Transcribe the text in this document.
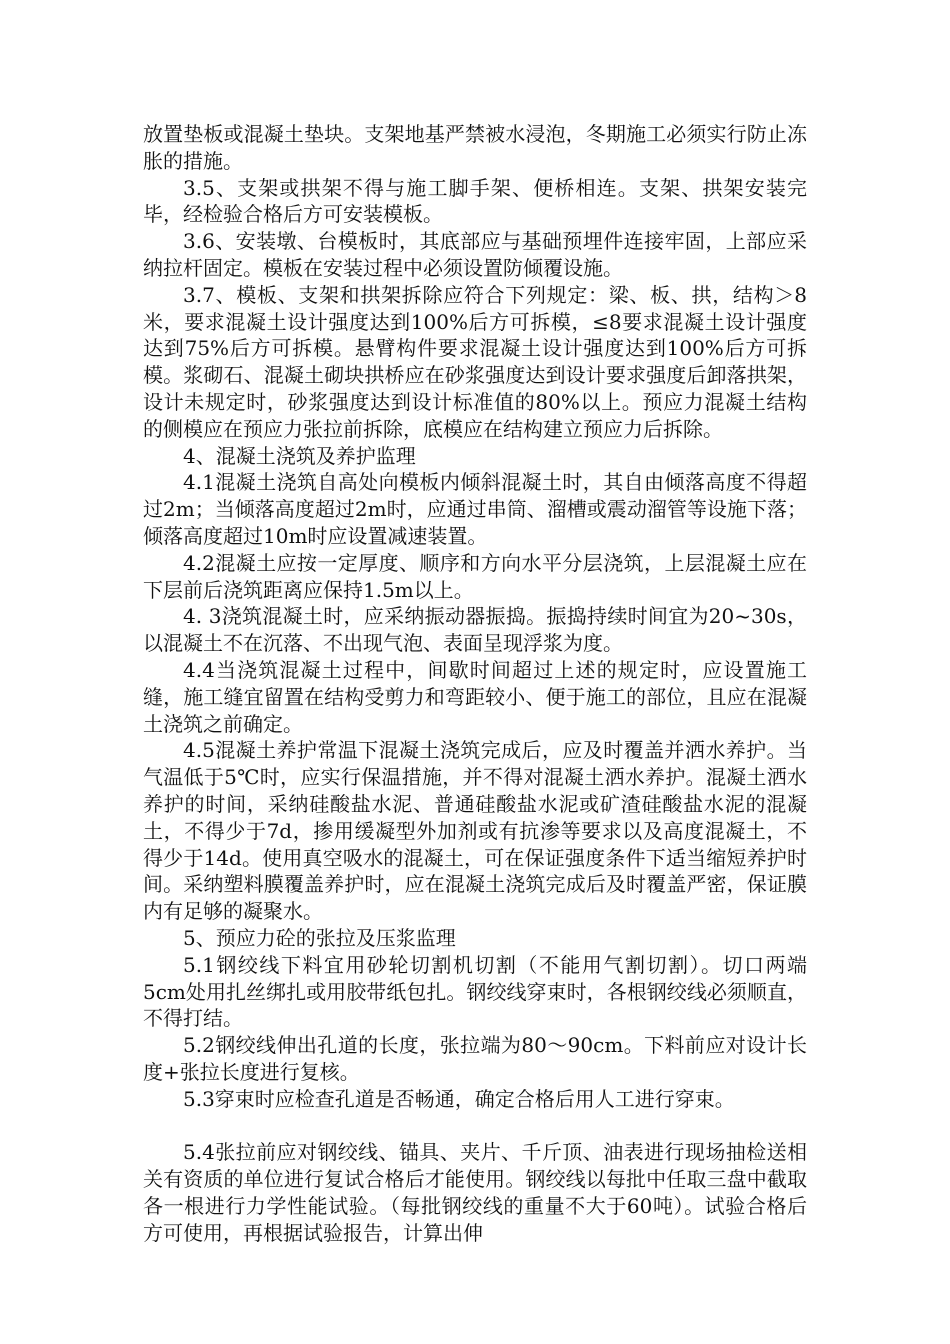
放置垫板或混凝土垫块。支架地基严禁被水浸泡，冬期施工必须实行防止冻胀的措施。

3.5、支架或拱架不得与施工脚手架、便桥相连。支架、拱架安装完毕，经检验合格后方可安装模板。

3.6、安装墩、台模板时，其底部应与基础预埋件连接牢固，上部应采纳拉杆固定。模板在安装过程中必须设置防倾覆设施。

3.7、模板、支架和拱架拆除应符合下列规定：梁、板、拱，结构＞8米，要求混凝土设计强度达到100%后方可拆模，≤8要求混凝土设计强度达到75%后方可拆模。悬臂构件要求混凝土设计强度达到100%后方可拆模。浆砌石、混凝土砌块拱桥应在砂浆强度达到设计要求强度后卸落拱架，设计未规定时，砂浆强度达到设计标准值的80%以上。预应力混凝土结构的侧模应在预应力张拉前拆除，底模应在结构建立预应力后拆除。

4、混凝土浇筑及养护监理

4.1混凝土浇筑自高处向模板内倾斜混凝土时，其自由倾落高度不得超过2m；当倾落高度超过2m时，应通过串筒、溜槽或震动溜管等设施下落；倾落高度超过10m时应设置减速装置。

4.2混凝土应按一定厚度、顺序和方向水平分层浇筑，上层混凝土应在下层前后浇筑距离应保持1.5m以上。

4. 3浇筑混凝土时，应采纳振动器振捣。振捣持续时间宜为20~30s，以混凝土不在沉落、不出现气泡、表面呈现浮浆为度。

4.4当浇筑混凝土过程中，间歇时间超过上述的规定时，应设置施工缝，施工缝宜留置在结构受剪力和弯距较小、便于施工的部位，且应在混凝土浇筑之前确定。

4.5混凝土养护常温下混凝土浇筑完成后，应及时覆盖并洒水养护。当气温低于5℃时，应实行保温措施，并不得对混凝土洒水养护。混凝土洒水养护的时间，采纳硅酸盐水泥、普通硅酸盐水泥或矿渣硅酸盐水泥的混凝土，不得少于7d，掺用缓凝型外加剂或有抗渗等要求以及高度混凝土，不得少于14d。使用真空吸水的混凝土，可在保证强度条件下适当缩短养护时间。采纳塑料膜覆盖养护时，应在混凝土浇筑完成后及时覆盖严密，保证膜内有足够的凝聚水。

5、预应力砼的张拉及压浆监理

5.1钢绞线下料宜用砂轮切割机切割（不能用气割切割）。切口两端5cm处用扎丝绑扎或用胶带纸包扎。钢绞线穿束时，各根钢绞线必须顺直，不得打结。

5.2钢绞线伸出孔道的长度，张拉端为80～90cm。下料前应对设计长度+张拉长度进行复核。

5.3穿束时应检查孔道是否畅通，确定合格后用人工进行穿束。

5.4张拉前应对钢绞线、锚具、夹片、千斤顶、油表进行现场抽检送相关有资质的单位进行复试合格后才能使用。钢绞线以每批中任取三盘中截取各一根进行力学性能试验。（每批钢绞线的重量不大于60吨）。试验合格后方可使用，再根据试验报告，计算出伸
